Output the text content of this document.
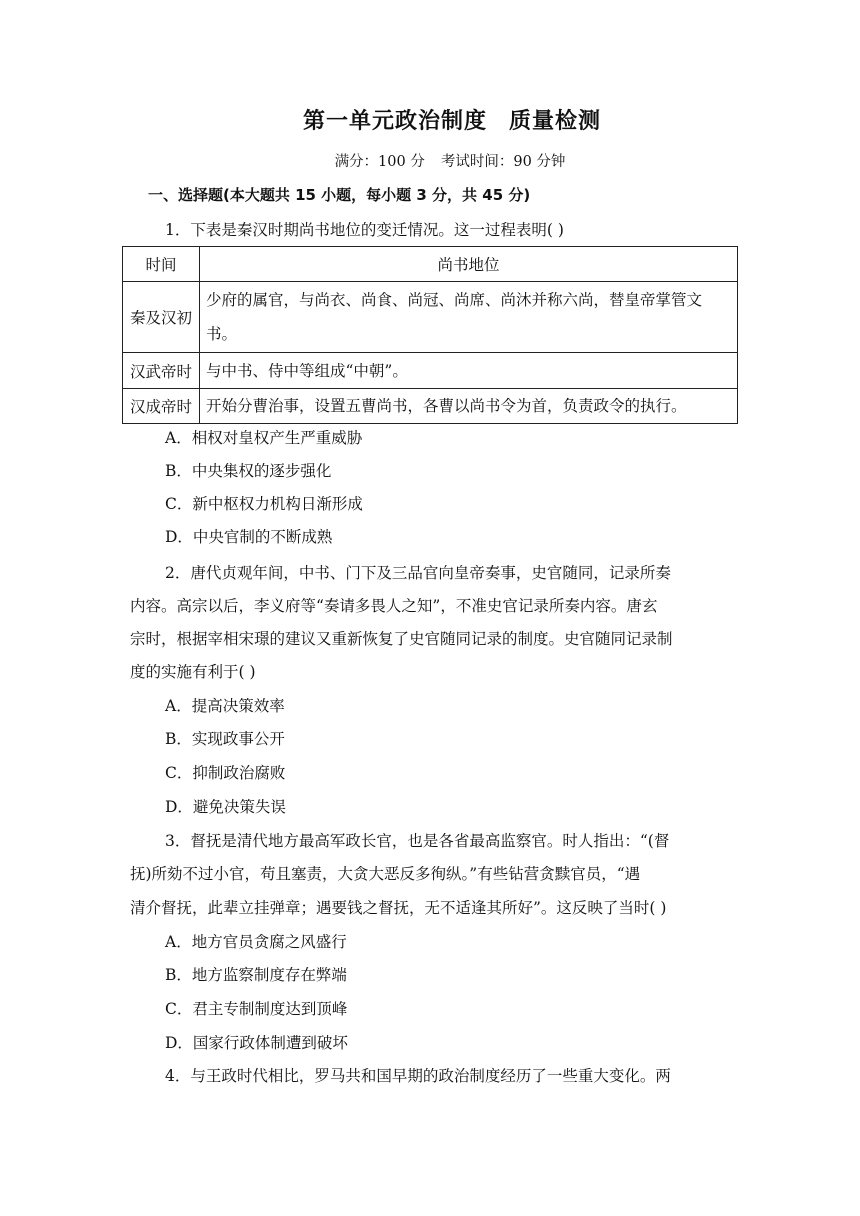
第一单元政治制度 质量检测
满分：100 分 考试时间：90 分钟
一、选择题(本大题共 15 小题，每小题 3 分，共 45 分)
1．下表是秦汉时期尚书地位的变迁情况。这一过程表明( )
时间	尚书地位
秦及汉初	少府的属官，与尚衣、尚食、尚冠、尚席、尚沐并称六尚，替皇帝掌管文书。
汉武帝时	与中书、侍中等组成“中朝”。
汉成帝时	开始分曹治事，设置五曹尚书，各曹以尚书令为首，负责政令的执行。
A．相权对皇权产生严重威胁
B．中央集权的逐步强化
C．新中枢权力机构日渐形成
D．中央官制的不断成熟
2．唐代贞观年间，中书、门下及三品官向皇帝奏事，史官随同，记录所奏
内容。高宗以后，李义府等“奏请多畏人之知”，不准史官记录所奏内容。唐玄
宗时，根据宰相宋璟的建议又重新恢复了史官随同记录的制度。史官随同记录制
度的实施有利于( )
A．提高决策效率
B．实现政事公开
C．抑制政治腐败
D．避免决策失误
3．督抚是清代地方最高军政长官，也是各省最高监察官。时人指出：“(督
抚)所劾不过小官，苟且塞责，大贪大恶反多徇纵。”有些钻营贪黩官员，“遇
清介督抚，此辈立挂弹章；遇要钱之督抚，无不适逢其所好”。这反映了当时( )
A．地方官员贪腐之风盛行
B．地方监察制度存在弊端
C．君主专制制度达到顶峰
D．国家行政体制遭到破坏
4．与王政时代相比，罗马共和国早期的政治制度经历了一些重大变化。两
